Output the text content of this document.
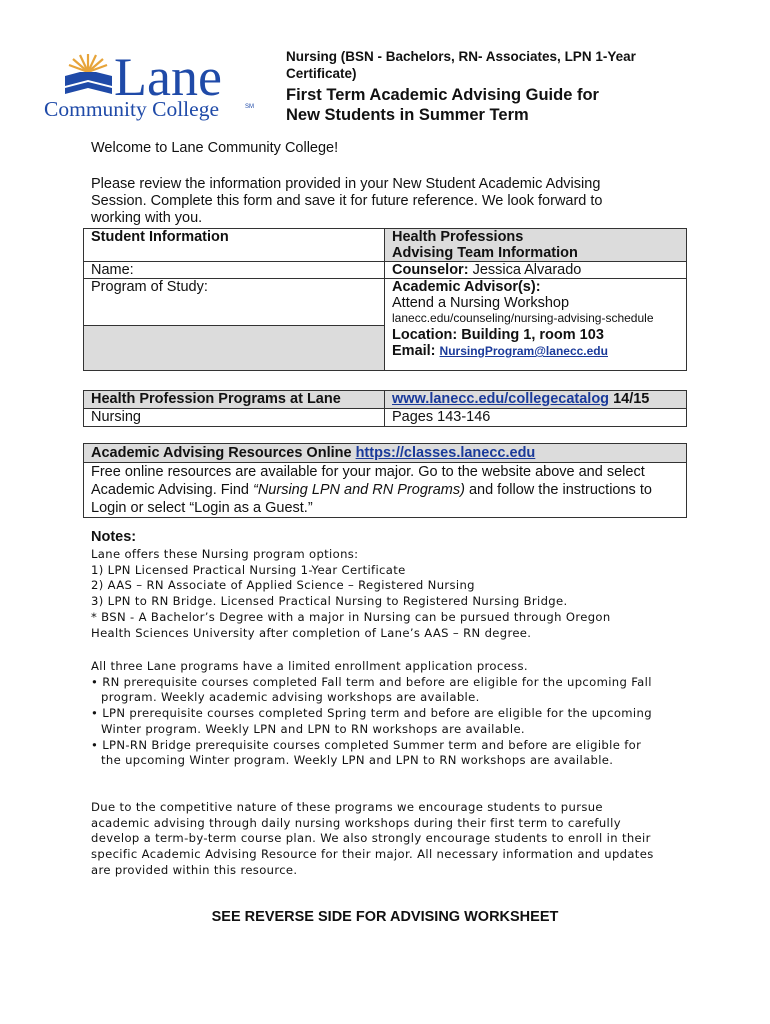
Lane
Community College	SM
Nursing (BSN - Bachelors, RN- Associates, LPN 1-Year
Certificate)
First Term Academic Advising Guide for
New Students in Summer Term
Welcome to Lane Community College!
Please review the information provided in your New Student Academic Advising Session. Complete this form and save it for future reference. We look forward to working with you.
Student Information	Health Professions
Advising Team Information

Name:	Counselor: Jessica Alvarado
Program of Study:	Academic Advisor(s):
Attend a Nursing Workshop
lanecc.edu/counseling/nursing-advising-schedule

	Location: Building 1, room 103
Email: NursingProgram@lanecc.edu
Health Profession Programs at Lane	www.lanecc.edu/collegecatalog 14/15
Nursing	Pages 143-146
Academic Advising Resources Online https://classes.lanecc.edu
Free online resources are available for your major. Go to the website above and select Academic Advising. Find “Nursing LPN and RN Programs) and follow the instructions to Login or select “Login as a Guest.”
Notes:
Lane offers these Nursing program options:
1) LPN Licensed Practical Nursing 1-Year Certificate
2) AAS – RN Associate of Applied Science – Registered Nursing
3) LPN to RN Bridge. Licensed Practical Nursing to Registered Nursing Bridge.
* BSN - A Bachelor’s Degree with a major in Nursing can be pursued through Oregon
Health Sciences University after completion of Lane’s AAS – RN degree.
All three Lane programs have a limited enrollment application process.
• RN prerequisite courses completed Fall term and before are eligible for the upcoming Fall
program. Weekly academic advising workshops are available.
• LPN prerequisite courses completed Spring term and before are eligible for the upcoming
Winter program. Weekly LPN and LPN to RN workshops are available.
• LPN-RN Bridge prerequisite courses completed Summer term and before are eligible for
the upcoming Winter program. Weekly LPN and LPN to RN workshops are available.
Due to the competitive nature of these programs we encourage students to pursue
academic advising through daily nursing workshops during their first term to carefully
develop a term-by-term course plan. We also strongly encourage students to enroll in their
specific Academic Advising Resource for their major. All necessary information and updates
are provided within this resource.
SEE REVERSE SIDE FOR ADVISING WORKSHEET
